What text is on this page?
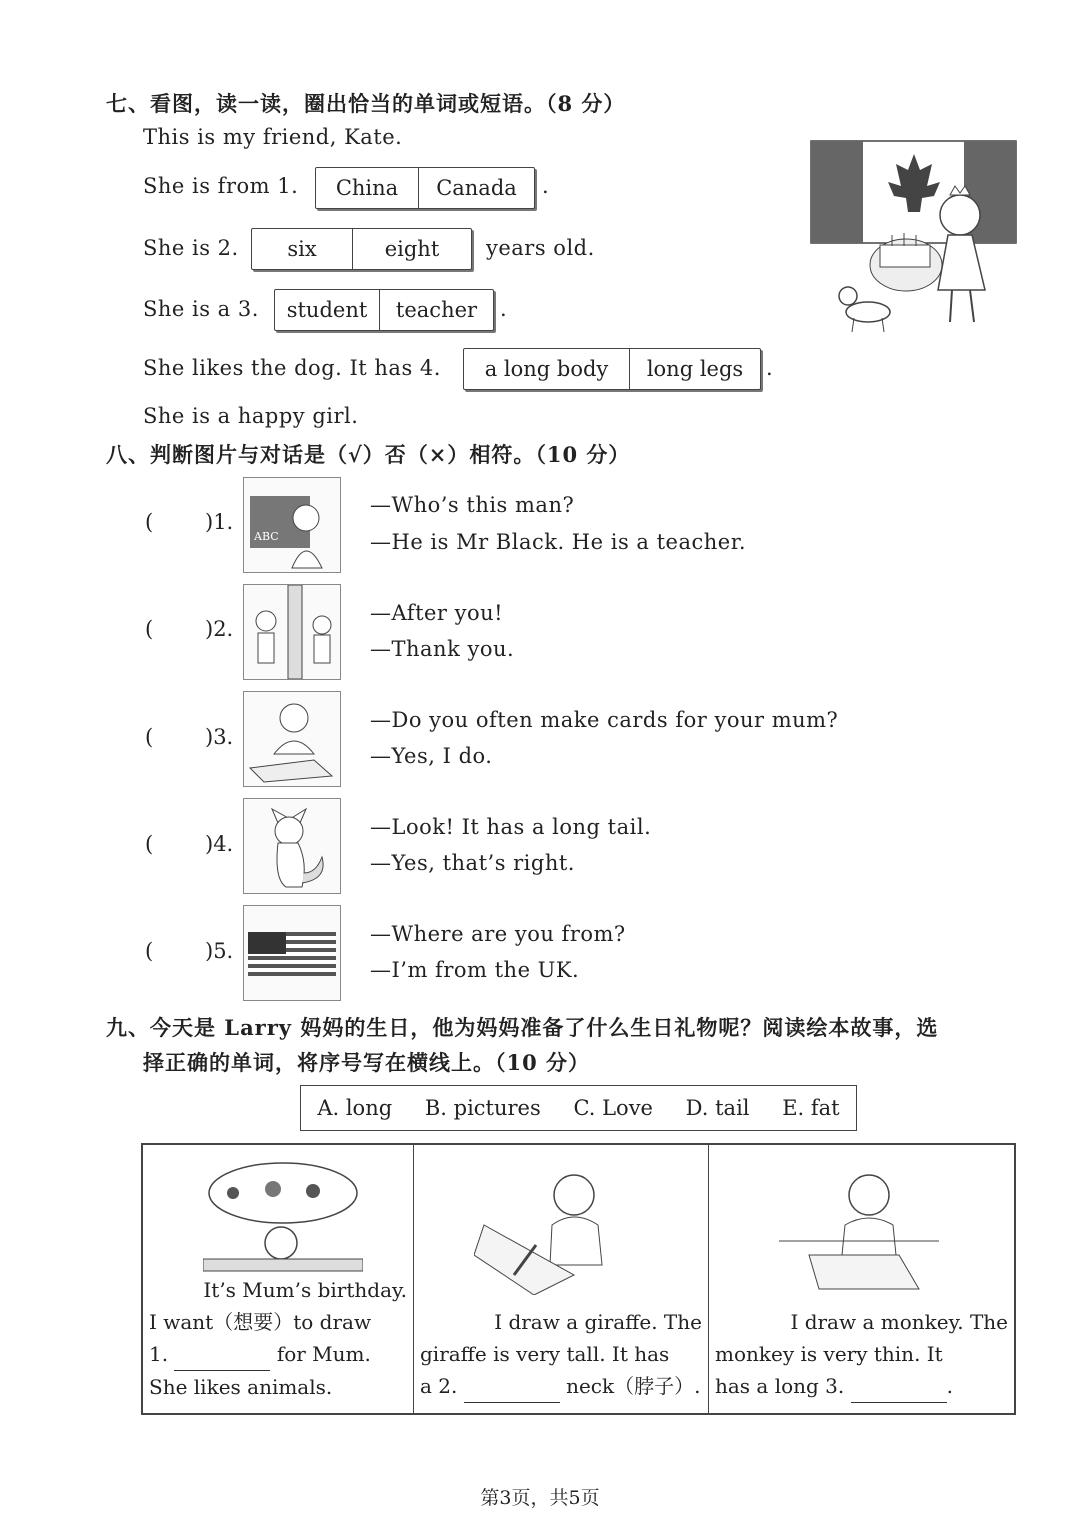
七、看图，读一读，圈出恰当的单词或短语。（8 分）
This is my friend, Kate.
She is from 1.	China	Canada	.
She is 2.	six	eight	years old.
She is a 3.	student	teacher	.
She likes the dog. It has 4.	a long body	long legs	.
She is a happy girl.
八、判断图片与对话是（√）否（×）相符。（10 分）
( )1.
ABC
—Who’s this man?
—He is Mr Black. He is a teacher.
( )2.
—After you!
—Thank you.
( )3.
—Do you often make cards for your mum?
—Yes, I do.
( )4.
—Look! It has a long tail.
—Yes, that’s right.
( )5.
—Where are you from?
—I’m from the UK.
九、今天是 Larry 妈妈的生日，他为妈妈准备了什么生日礼物呢？阅读绘本故事，选
择正确的单词，将序号写在横线上。（10 分）
A. long B. pictures C. Love D. tail E. fat
It’s Mum’s birthday.
I want（想要）to draw
1.	for Mum.
She likes animals.
I draw a giraffe. The
giraffe is very tall. It has
a 2.	neck（脖子）.
I draw a monkey. The
monkey is very thin. It
has a long 3.	.
第3页，共5页
